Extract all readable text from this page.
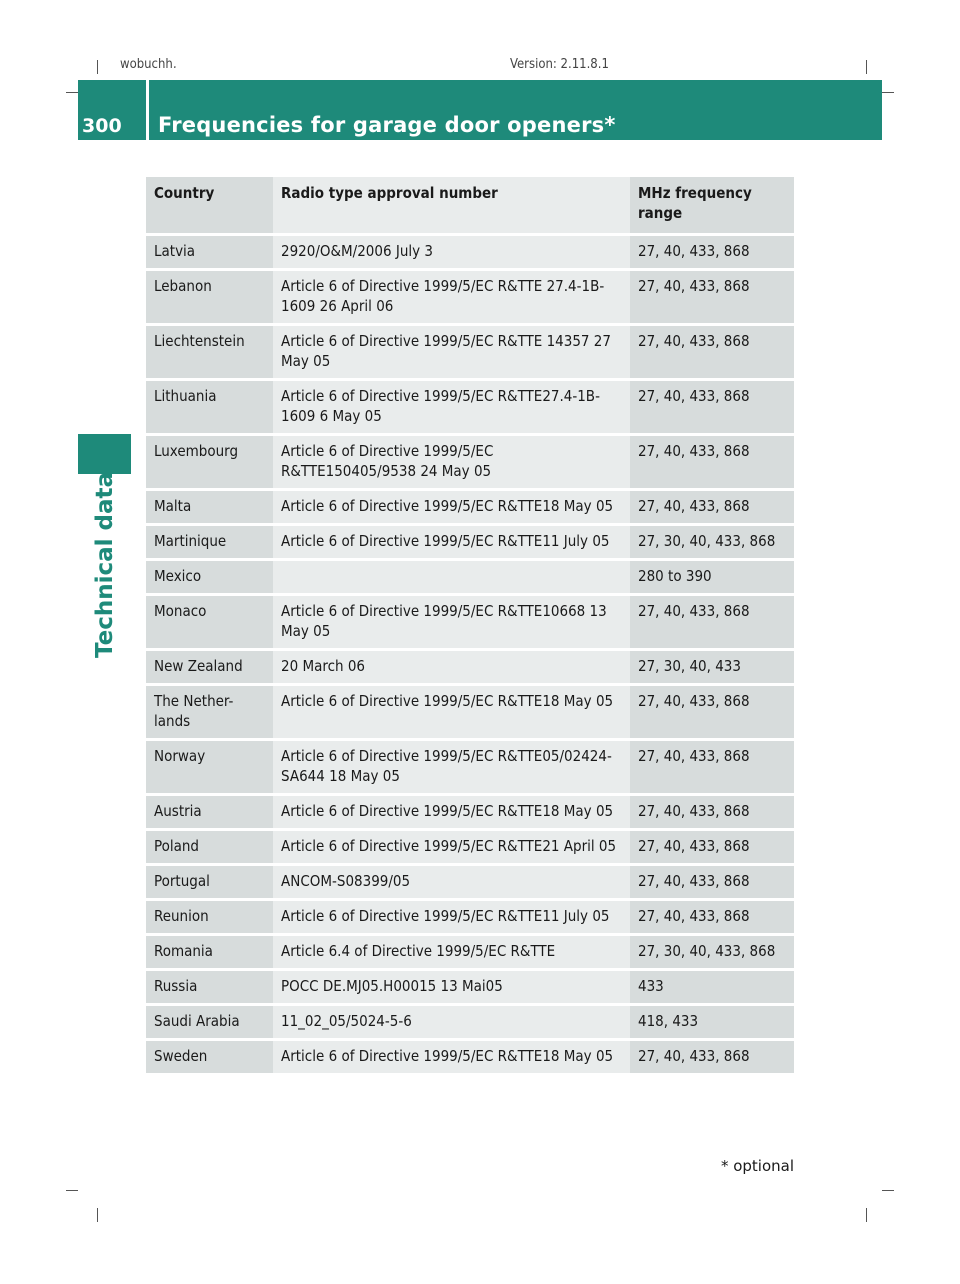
wobuchh,	Version: 2.11.8.1
300 Frequencies for garage door openers*
Technical data
Country	Radio type approval number	MHz frequency range
Latvia	2920/O&M/2006 July 3	27, 40, 433, 868
Lebanon	Article 6 of Directive 1999/5/EC R&TTE 27.4-1B-1609 26 April 06	27, 40, 433, 868
Liechtenstein	Article 6 of Directive 1999/5/EC R&TTE 14357 27 May 05	27, 40, 433, 868
Lithuania	Article 6 of Directive 1999/5/EC R&TTE27.4-1B-1609 6 May 05	27, 40, 433, 868
Luxembourg	Article 6 of Directive 1999/5/EC R&TTE150405/9538 24 May 05	27, 40, 433, 868
Malta	Article 6 of Directive 1999/5/EC R&TTE18 May 05	27, 40, 433, 868
Martinique	Article 6 of Directive 1999/5/EC R&TTE11 July 05	27, 30, 40, 433, 868
Mexico		280 to 390
Monaco	Article 6 of Directive 1999/5/EC R&TTE10668 13 May 05	27, 40, 433, 868
New Zealand	20 March 06	27, 30, 40, 433
The Nether-lands	Article 6 of Directive 1999/5/EC R&TTE18 May 05	27, 40, 433, 868
Norway	Article 6 of Directive 1999/5/EC R&TTE05/02424-SA644 18 May 05	27, 40, 433, 868
Austria	Article 6 of Directive 1999/5/EC R&TTE18 May 05	27, 40, 433, 868
Poland	Article 6 of Directive 1999/5/EC R&TTE21 April 05	27, 40, 433, 868
Portugal	ANCOM-S08399/05	27, 40, 433, 868
Reunion	Article 6 of Directive 1999/5/EC R&TTE11 July 05	27, 40, 433, 868
Romania	Article 6.4 of Directive 1999/5/EC R&TTE	27, 30, 40, 433, 868
Russia	POCC DE.MJ05.H00015 13 Mai05	433
Saudi Arabia	11_02_05/5024-5-6	418, 433
Sweden	Article 6 of Directive 1999/5/EC R&TTE18 May 05	27, 40, 433, 868
* optional
